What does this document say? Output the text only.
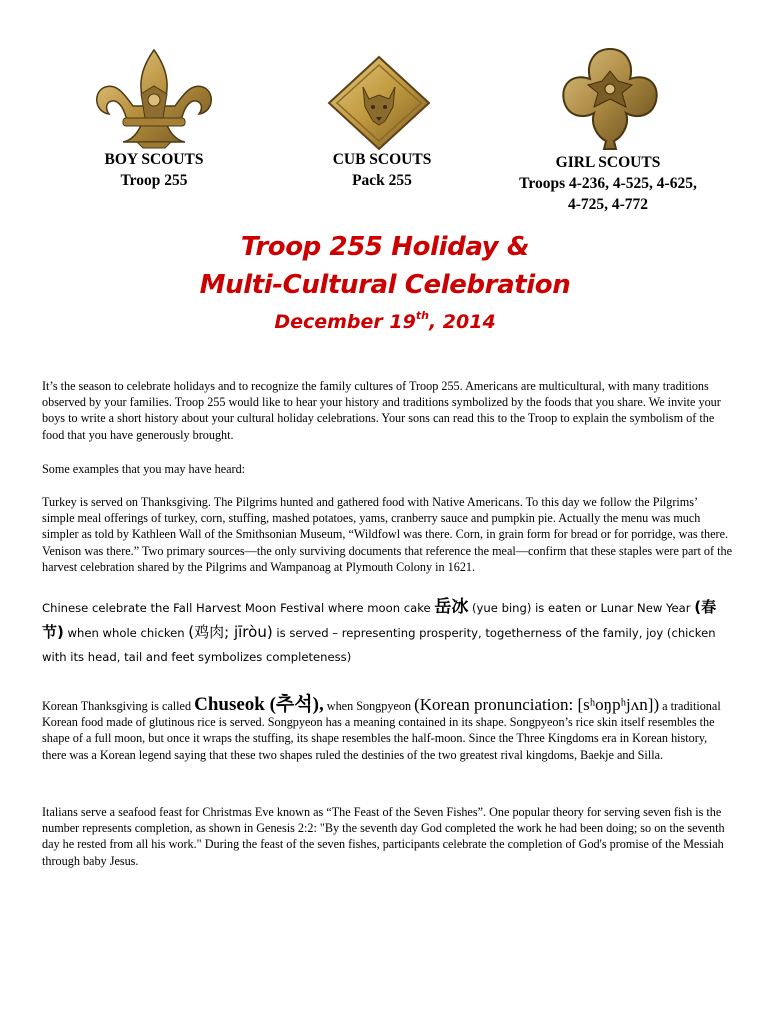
BOY SCOUTS
Troop 255
CUB SCOUTS
Pack 255
GIRL SCOUTS
Troops 4-236, 4-525, 4-625,
4-725, 4-772
Troop 255 Holiday &
Multi-Cultural Celebration
December 19th, 2014

It’s the season to celebrate holidays and to recognize the family cultures of Troop 255. Americans are multicultural, with many traditions observed by your families. Troop 255 would like to hear your history and traditions symbolized by the foods that you share. We invite your boys to write a short history about your cultural holiday celebrations. Your sons can read this to the Troop to explain the symbolism of the food that you have generously brought.

Some examples that you may have heard:

Turkey is served on Thanksgiving. The Pilgrims hunted and gathered food with Native Americans. To this day we follow the Pilgrims’ simple meal offerings of turkey, corn, stuffing, mashed potatoes, yams, cranberry sauce and pumpkin pie. Actually the menu was much simpler as told by Kathleen Wall of the Smithsonian Museum, “Wildfowl was there. Corn, in grain form for bread or for porridge, was there. Venison was there.” Two primary sources—the only surviving documents that reference the meal—confirm that these staples were part of the harvest celebration shared by the Pilgrims and Wampanoag at Plymouth Colony in 1621.

Chinese celebrate the Fall Harvest Moon Festival where moon cake 岳冰 (yue bing) is eaten or Lunar New Year (春节) when whole chicken (鸡肉; jīròu) is served – representing prosperity, togetherness of the family, joy (chicken with its head, tail and feet symbolizes completeness)
Korean Thanksgiving is called Chuseok (추석), when Songpyeon (Korean pronunciation: [sʰoŋpʰjʌn]) a traditional Korean food made of glutinous rice is served. Songpyeon has a meaning contained in its shape. Songpyeon’s rice skin itself resembles the shape of a full moon, but once it wraps the stuffing, its shape resembles the half-moon. Since the Three Kingdoms era in Korean history, there was a Korean legend saying that these two shapes ruled the destinies of the two greatest rival kingdoms, Baekje and Silla.

Italians serve a seafood feast for Christmas Eve known as “The Feast of the Seven Fishes”. One popular theory for serving seven fish is the number represents completion, as shown in Genesis 2:2: "By the seventh day God completed the work he had been doing; so on the seventh day he rested from all his work." During the feast of the seven fishes, participants celebrate the completion of God's promise of the Messiah through baby Jesus.
